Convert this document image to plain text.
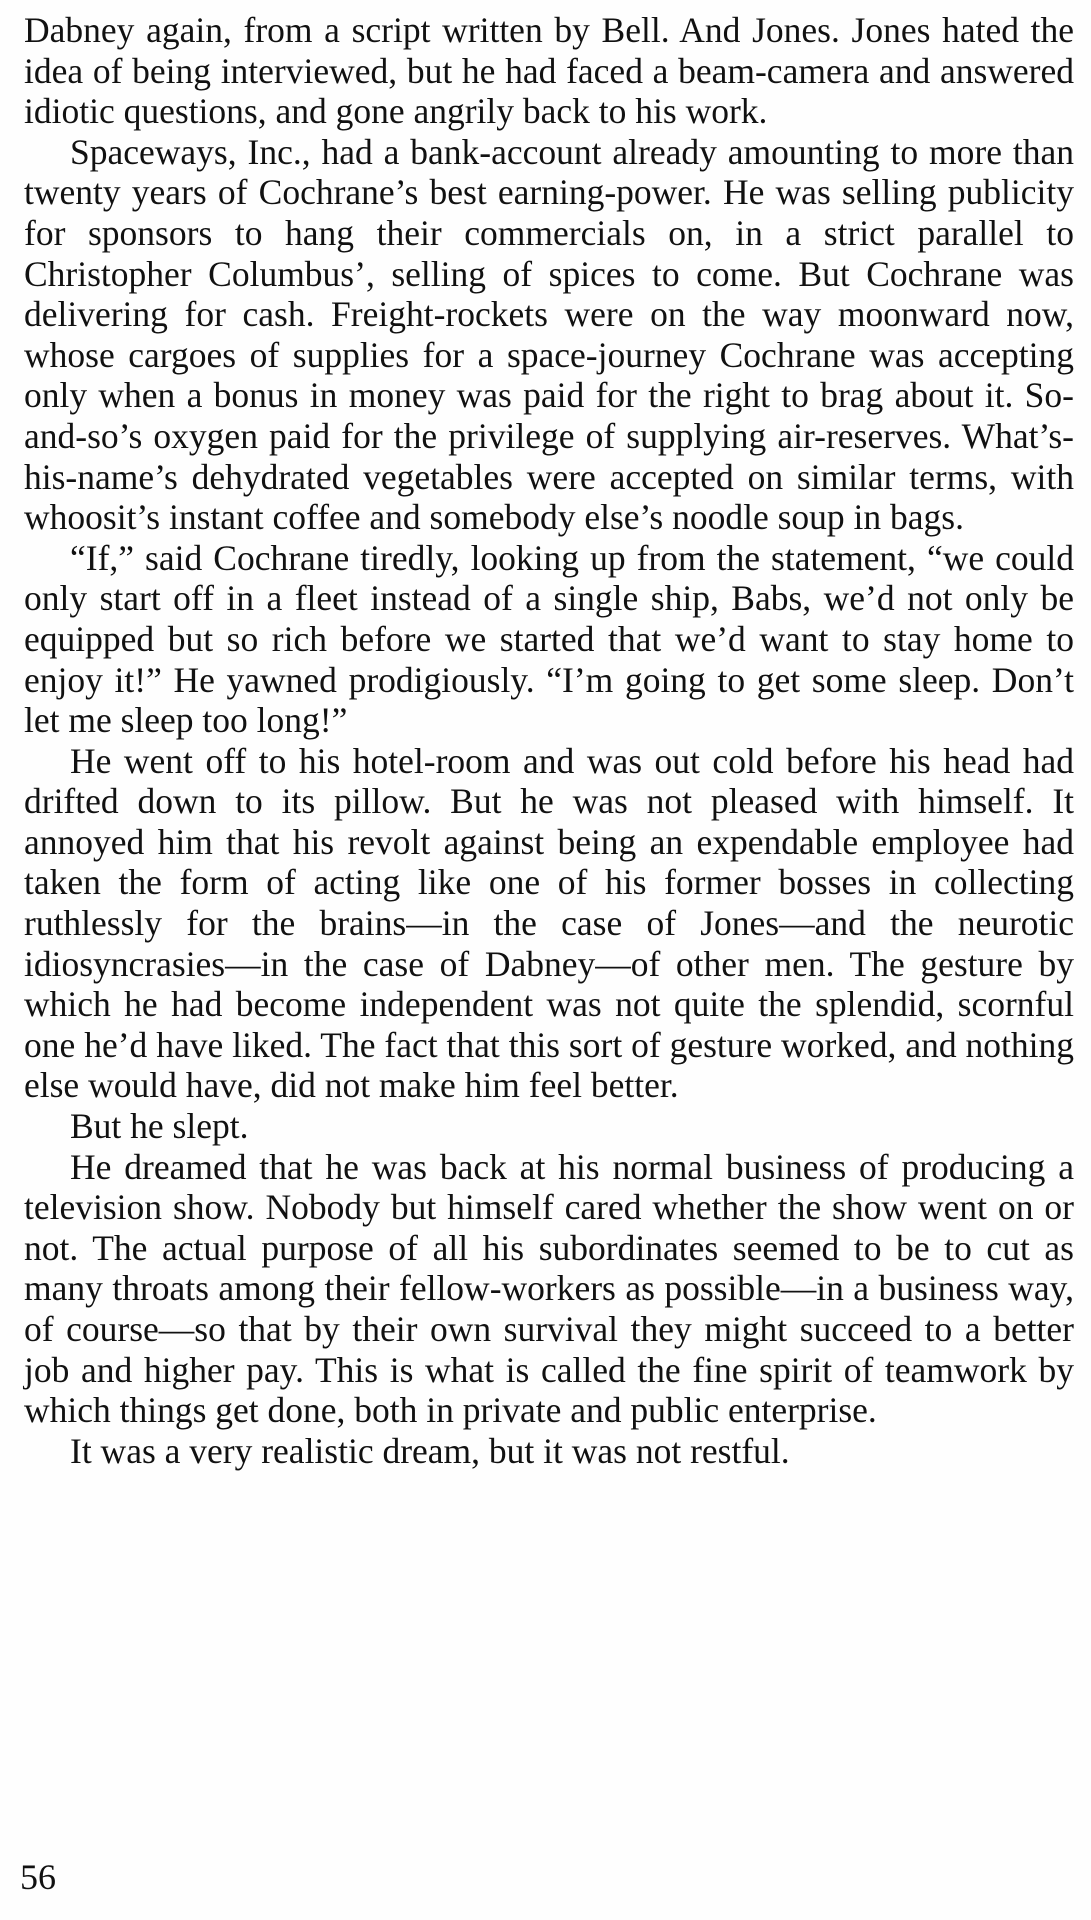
Dabney again, from a script written by Bell. And Jones. Jones hated the idea of being interviewed, but he had faced a beam-camera and answered idiotic questions, and gone angrily back to his work.

Spaceways, Inc., had a bank-account already amounting to more than twenty years of Cochrane’s best earning-power. He was selling publicity for sponsors to hang their commercials on, in a strict parallel to Christopher Columbus’, selling of spices to come. But Cochrane was delivering for cash. Freight-rockets were on the way moonward now, whose cargoes of supplies for a space-journey Cochrane was accepting only when a bonus in money was paid for the right to brag about it. So-and-so’s oxygen paid for the privilege of supplying air-reserves. What’s-his-name’s dehydrated vegetables were accepted on similar terms, with whoosit’s instant coffee and somebody else’s noodle soup in bags.

“If,” said Cochrane tiredly, looking up from the statement, “we could only start off in a fleet instead of a single ship, Babs, we’d not only be equipped but so rich before we started that we’d want to stay home to enjoy it!” He yawned prodigiously. “I’m going to get some sleep. Don’t let me sleep too long!”

He went off to his hotel-room and was out cold before his head had drifted down to its pillow. But he was not pleased with himself. It annoyed him that his revolt against being an expendable employee had taken the form of acting like one of his former bosses in collecting ruthlessly for the brains—in the case of Jones—and the neurotic idiosyncrasies—in the case of Dabney—of other men. The gesture by which he had become independent was not quite the splendid, scornful one he’d have liked. The fact that this sort of gesture worked, and nothing else would have, did not make him feel better.

But he slept.

He dreamed that he was back at his normal business of producing a television show. Nobody but himself cared whether the show went on or not. The actual purpose of all his subordinates seemed to be to cut as many throats among their fellow-workers as possible—in a business way, of course—so that by their own survival they might succeed to a better job and higher pay. This is what is called the fine spirit of teamwork by which things get done, both in private and public enterprise.

It was a very realistic dream, but it was not restful.

56
